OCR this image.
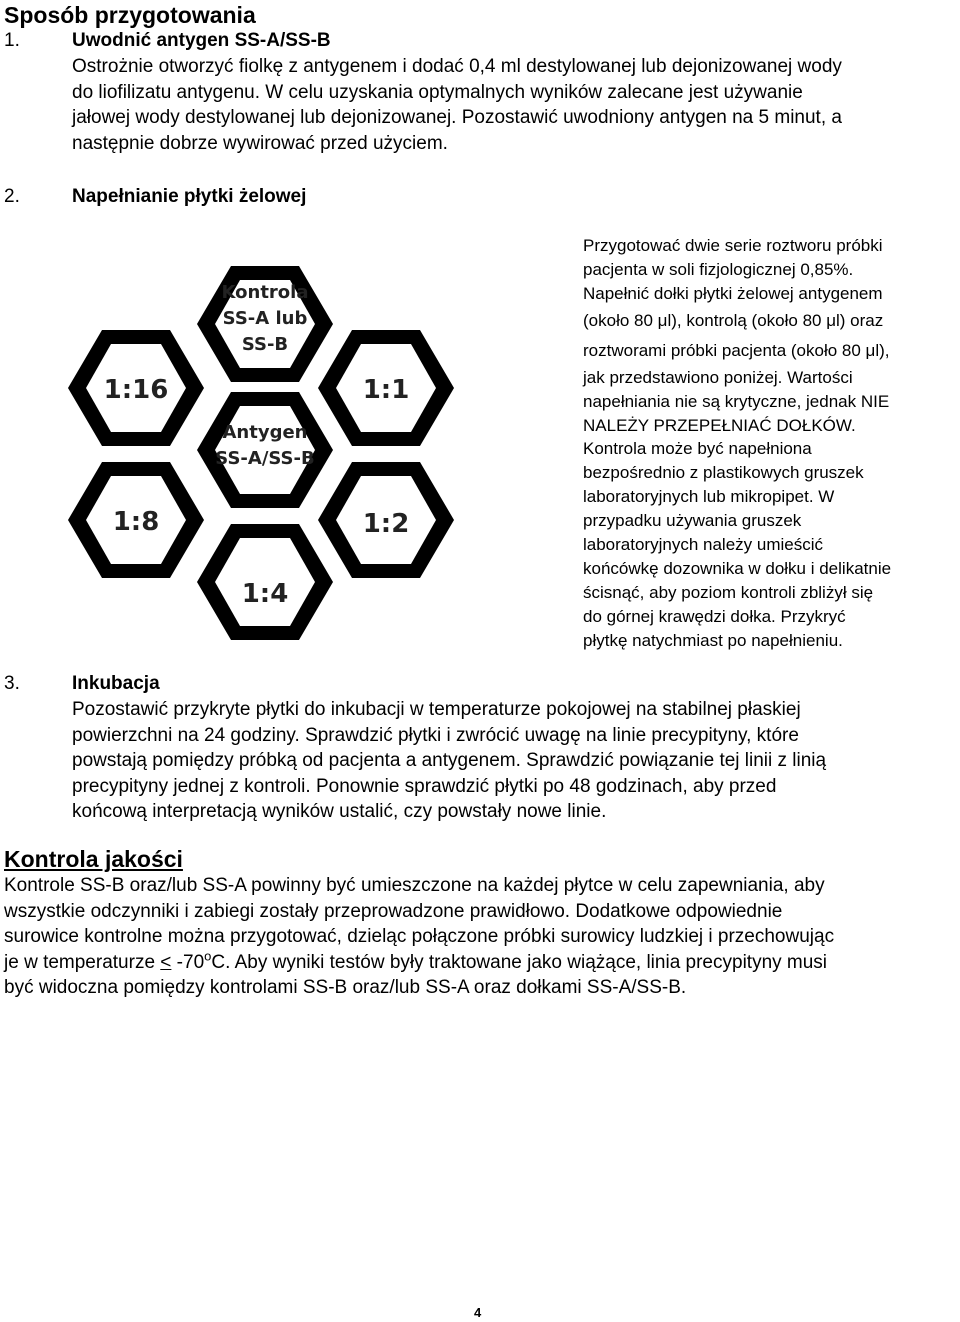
Sposób przygotowania
1.	Uwodnić antygen SS-A/SS-B
Ostrożnie otworzyć fiolkę z antygenem i dodać 0,4 ml destylowanej lub dejonizowanej wody
do liofilizatu antygenu. W celu uzyskania optymalnych wyników zalecane jest używanie
jałowej wody destylowanej lub dejonizowanej. Pozostawić uwodniony antygen na 5 minut, a
następnie dobrze wywirować przed użyciem.
2.	Napełnianie płytki żelowej
Kontrola
SS-A lub
SS-B
Antygen
SS-A/SS-B
1:16	1:1
1:8	1:2
1:4
Przygotować dwie serie roztworu próbki
pacjenta w soli fizjologicznej 0,85%.
Napełnić dołki płytki żelowej antygenem
(około 80 μl), kontrolą (około 80 μl) oraz
roztworami próbki pacjenta (około 80 μl),
jak przedstawiono poniżej. Wartości
napełniania nie są krytyczne, jednak NIE
NALEŻY PRZEPEŁNIAĆ DOŁKÓW.
Kontrola może być napełniona
bezpośrednio z plastikowych gruszek
laboratoryjnych lub mikropipet. W
przypadku używania gruszek
laboratoryjnych należy umieścić
końcówkę dozownika w dołku i delikatnie
ścisnąć, aby poziom kontroli zbliżył się
do górnej krawędzi dołka. Przykryć
płytkę natychmiast po napełnieniu.
3.	Inkubacja
Pozostawić przykryte płytki do inkubacji w temperaturze pokojowej na stabilnej płaskiej
powierzchni na 24 godziny. Sprawdzić płytki i zwrócić uwagę na linie precypityny, które
powstają pomiędzy próbką od pacjenta a antygenem. Sprawdzić powiązanie tej linii z linią
precypityny jednej z kontroli. Ponownie sprawdzić płytki po 48 godzinach, aby przed
końcową interpretacją wyników ustalić, czy powstały nowe linie.
Kontrola jakości
Kontrole SS-B oraz/lub SS-A powinny być umieszczone na każdej płytce w celu zapewniania, aby
wszystkie odczynniki i zabiegi zostały przeprowadzone prawidłowo. Dodatkowe odpowiednie
surowice kontrolne można przygotować, dzieląc połączone próbki surowicy ludzkiej i przechowując
je w temperaturze ≤ $-70^oC$. Aby wyniki testów były traktowane jako wiążące, linia precypityny musi
być widoczna pomiędzy kontrolami SS-B oraz/lub SS-A oraz dołkami SS-A/SS-B.
4
